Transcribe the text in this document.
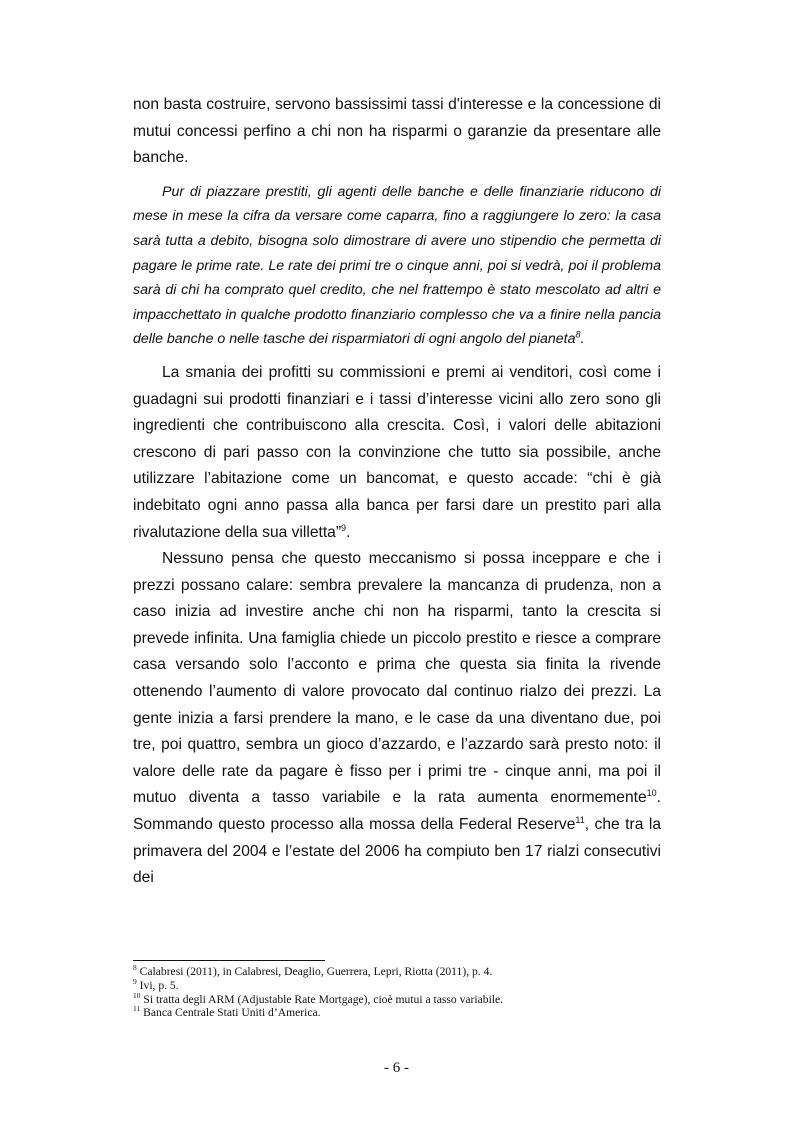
non basta costruire, servono bassissimi tassi d'interesse e la concessione di mutui concessi perfino a chi non ha risparmi o garanzie da presentare alle banche.

Pur di piazzare prestiti, gli agenti delle banche e delle finanziarie riducono di mese in mese la cifra da versare come caparra, fino a raggiungere lo zero: la casa sarà tutta a debito, bisogna solo dimostrare di avere uno stipendio che permetta di pagare le prime rate. Le rate dei primi tre o cinque anni, poi si vedrà, poi il problema sarà di chi ha comprato quel credito, che nel frattempo è stato mescolato ad altri e impacchettato in qualche prodotto finanziario complesso che va a finire nella pancia delle banche o nelle tasche dei risparmiatori di ogni angolo del pianeta$^8$.

La smania dei profitti su commissioni e premi ai venditori, così come i guadagni sui prodotti finanziari e i tassi d’interesse vicini allo zero sono gli ingredienti che contribuiscono alla crescita. Così, i valori delle abitazioni crescono di pari passo con la convinzione che tutto sia possibile, anche utilizzare l’abitazione come un bancomat, e questo accade: “chi è già indebitato ogni anno passa alla banca per farsi dare un prestito pari alla rivalutazione della sua villetta”$^9$.

Nessuno pensa che questo meccanismo si possa inceppare e che i prezzi possano calare: sembra prevalere la mancanza di prudenza, non a caso inizia ad investire anche chi non ha risparmi, tanto la crescita si prevede infinita. Una famiglia chiede un piccolo prestito e riesce a comprare casa versando solo l’acconto e prima che questa sia finita la rivende ottenendo l’aumento di valore provocato dal continuo rialzo dei prezzi. La gente inizia a farsi prendere la mano, e le case da una diventano due, poi tre, poi quattro, sembra un gioco d’azzardo, e l’azzardo sarà presto noto: il valore delle rate da pagare è fisso per i primi tre - cinque anni, ma poi il mutuo diventa a tasso variabile e la rata aumenta enormemente$^{10}$. Sommando questo processo alla mossa della Federal Reserve$^{11}$, che tra la primavera del 2004 e l’estate del 2006 ha compiuto ben 17 rialzi consecutivi dei

$^8$ Calabresi (2011), in Calabresi, Deaglio, Guerrera, Lepri, Riotta (2011), p. 4.
$^9$ Ivi, p. 5.
$^{10}$ Si tratta degli ARM (Adjustable Rate Mortgage), cioè mutui a tasso variabile.
$^{11}$ Banca Centrale Stati Uniti d’America.
- 6 -
